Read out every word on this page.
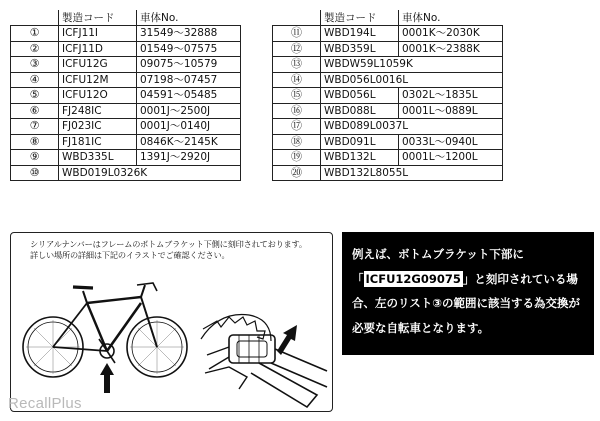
	製造コード	車体No.
①	ICFJ11I	31549～32888
②	ICFJ11D	01549～07575
③	ICFU12G	09075～10579
④	ICFU12M	07198～07457
⑤	ICFU12O	04591～05485
⑥	FJ248IC	0001J～2500J
⑦	FJ023IC	0001J～0140J
⑧	FJ181IC	0846K～2145K
⑨	WBD335L	1391J～2920J
⑩	WBD019L0326K	
	製造コード	車体No.
⑪	WBD194L	0001K～2030K
⑫	WBD359L	0001K～2388K
⑬	WBDW59L1059K	
⑭	WBD056L0016L	
⑮	WBD056L	0302L～1835L
⑯	WBD088L	0001L～0889L
⑰	WBD089L0037L	
⑱	WBD091L	0033L～0940L
⑲	WBD132L	0001L～1200L
⑳	WBD132L8055L	
シリアルナンバーはフレームのボトムブラケット下側に刻印されております。
詳しい場所の詳細は下記のイラストでご確認ください。
RecallPlus
例えば、ボトムブラケット下部に
「 ICFU12G09075 」と刻印されている場合、左のリスト③の範囲に該当する為交換が必要な自転車となります。
